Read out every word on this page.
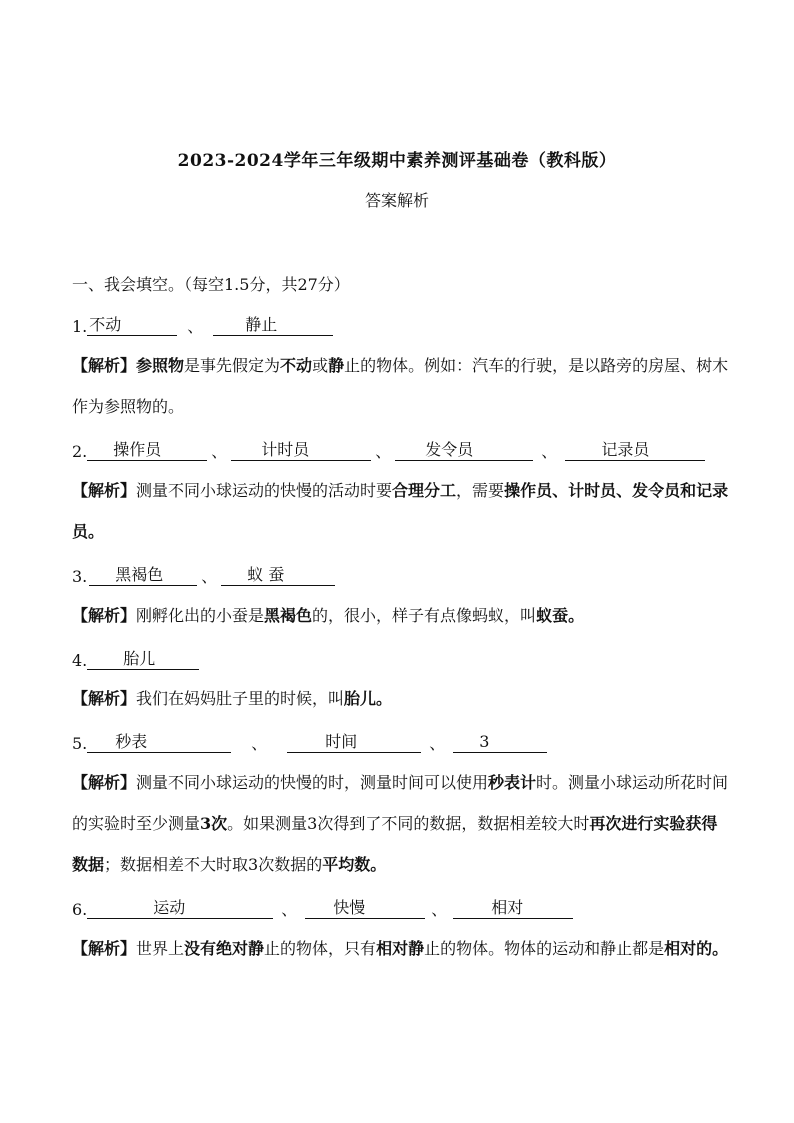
2023-2024学年三年级期中素养测评基础卷（教科版）
答案解析
一、我会填空。（每空1.5分，共27分）
1. 不动	、	静止
【解析】参照物是事先假定为不动或静止的物体。例如：汽车的行驶，是以路旁的房屋、树木作为参照物的。
2. 操作员	、 计时员	、 发令员	、	记录员
【解析】测量不同小球运动的快慢的活动时要合理分工，需要操作员、计时员、发令员和记录员。
3. 黑褐色 、 蚁 蚕
【解析】刚孵化出的小蚕是黑褐色的，很小，样子有点像蚂蚁，叫蚁蚕。
4. 胎儿
【解析】我们在妈妈肚子里的时候，叫胎儿。
5. 秒表	、	时间	、 3
【解析】测量不同小球运动的快慢的时，测量时间可以使用秒表计时。测量小球运动所花时间的实验时至少测量3次。如果测量3次得到了不同的数据，数据相差较大时再次进行实验获得数据；数据相差不大时取3次数据的平均数。
6.	运动	、 快慢	、	相对
【解析】世界上没有绝对静止的物体，只有相对静止的物体。物体的运动和静止都是相对的。
